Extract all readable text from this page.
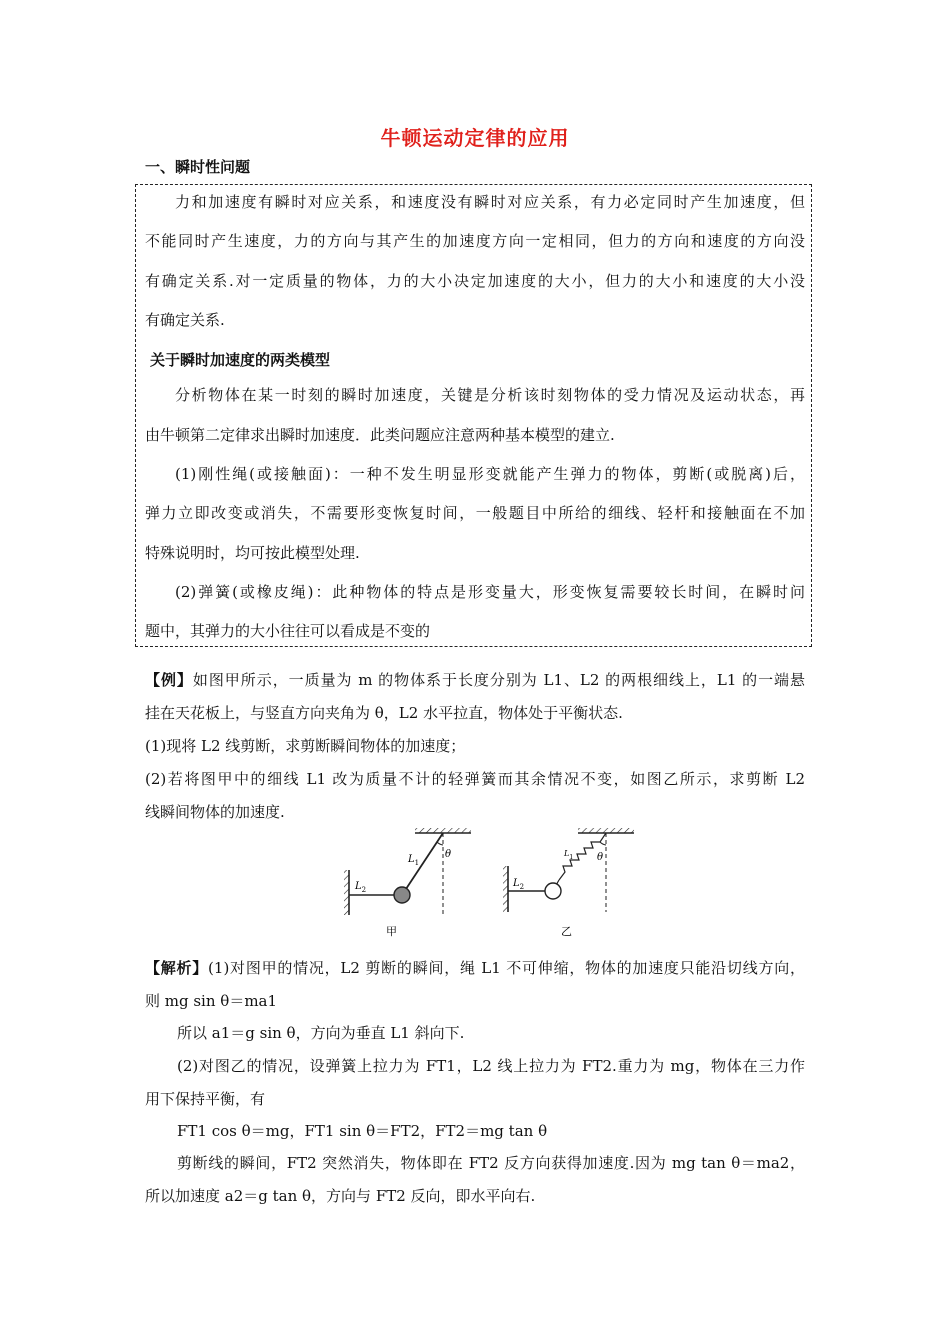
牛顿运动定律的应用
一、瞬时性问题
力和加速度有瞬时对应关系，和速度没有瞬时对应关系，有力必定同时产生加速度，但
不能同时产生速度，力的方向与其产生的加速度方向一定相同，但力的方向和速度的方向没
有确定关系.对一定质量的物体，力的大小决定加速度的大小，但力的大小和速度的大小没
有确定关系.
关于瞬时加速度的两类模型
分析物体在某一时刻的瞬时加速度，关键是分析该时刻物体的受力情况及运动状态，再
由牛顿第二定律求出瞬时加速度．此类问题应注意两种基本模型的建立.
(1)刚性绳(或接触面)：一种不发生明显形变就能产生弹力的物体，剪断(或脱离)后，
弹力立即改变或消失，不需要形变恢复时间，一般题目中所给的细线、轻杆和接触面在不加
特殊说明时，均可按此模型处理.
(2)弹簧(或橡皮绳)：此种物体的特点是形变量大，形变恢复需要较长时间，在瞬时问
题中，其弹力的大小往往可以看成是不变的
【例】如图甲所示，一质量为 m 的物体系于长度分别为 L1、L2 的两根细线上，L1 的一端悬
挂在天花板上，与竖直方向夹角为 θ，L2 水平拉直，物体处于平衡状态.
(1)现将 L2 线剪断，求剪断瞬间物体的加速度；
(2)若将图甲中的细线 L1 改为质量不计的轻弹簧而其余情况不变，如图乙所示，求剪断 L2
线瞬间物体的加速度.
$L_1$
$L_2$
θ
甲
$L_1$
$L_2$
θ
乙
【解析】(1)对图甲的情况，L2 剪断的瞬间，绳 L1 不可伸缩，物体的加速度只能沿切线方向，
则 mg sin θ＝ma1
所以 a1＝g sin θ，方向为垂直 L1 斜向下.
(2)对图乙的情况，设弹簧上拉力为 FT1，L2 线上拉力为 FT2.重力为 mg，物体在三力作
用下保持平衡，有
FT1 cos θ＝mg，FT1 sin θ＝FT2，FT2＝mg tan θ
剪断线的瞬间，FT2 突然消失，物体即在 FT2 反方向获得加速度.因为 mg tan θ＝ma2，
所以加速度 a2＝g tan θ，方向与 FT2 反向，即水平向右.
